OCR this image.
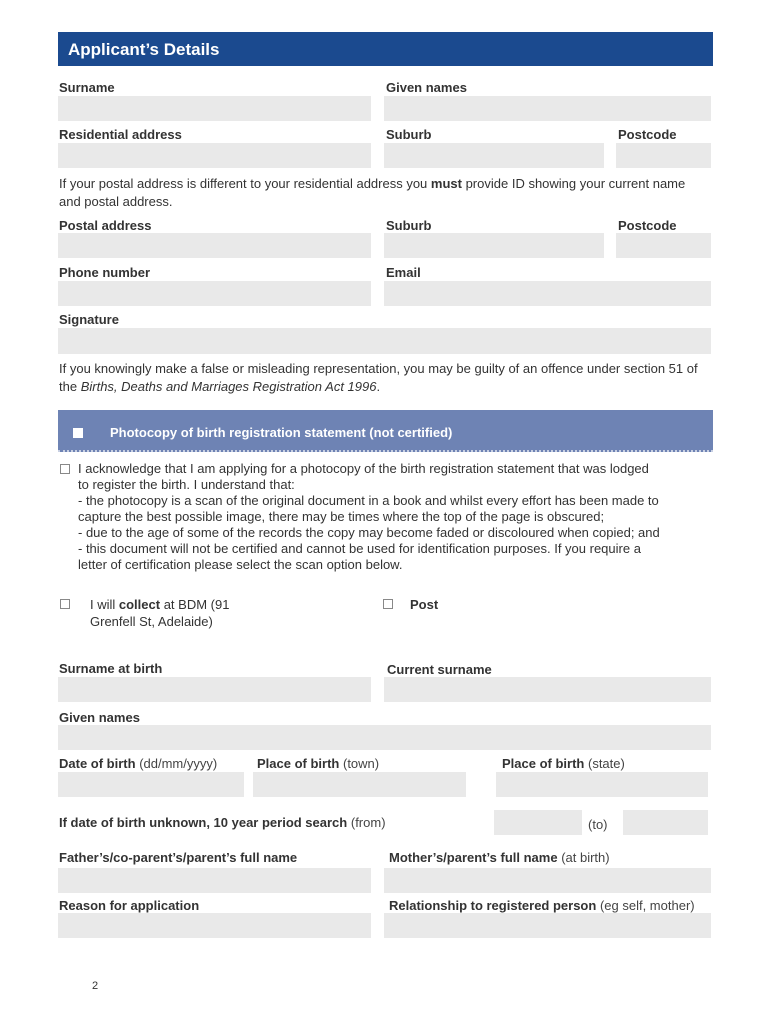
Applicant’s Details
Surname	Given names
Residential address	Suburb	Postcode
If your postal address is different to your residential address you must provide ID showing your current name and postal address.
Postal address	Suburb	Postcode
Phone number	Email
Signature
If you knowingly make a false or misleading representation, you may be guilty of an offence under section 51 of the Births, Deaths and Marriages Registration Act 1996.
Photocopy of birth registration statement (not certified)
I acknowledge that I am applying for a photocopy of the birth registration statement that was lodged
to register the birth. I understand that:
- the photocopy is a scan of the original document in a book and whilst every effort has been made to
capture the best possible image, there may be times where the top of the page is obscured;
- due to the age of some of the records the copy may become faded or discoloured when copied; and
- this document will not be certified and cannot be used for identification purposes. If you require a
letter of certification please select the scan option below.
I will collect at BDM (91
Grenfell St, Adelaide)
Post
Surname at birth	Current surname
Given names
Date of birth (dd/mm/yyyy)	Place of birth (town)	Place of birth (state)
If date of birth unknown, 10 year period search (from)	(to)
Father’s/co-parent’s/parent’s full name	Mother’s/parent’s full name (at birth)
Reason for application	Relationship to registered person (eg self, mother)
2
